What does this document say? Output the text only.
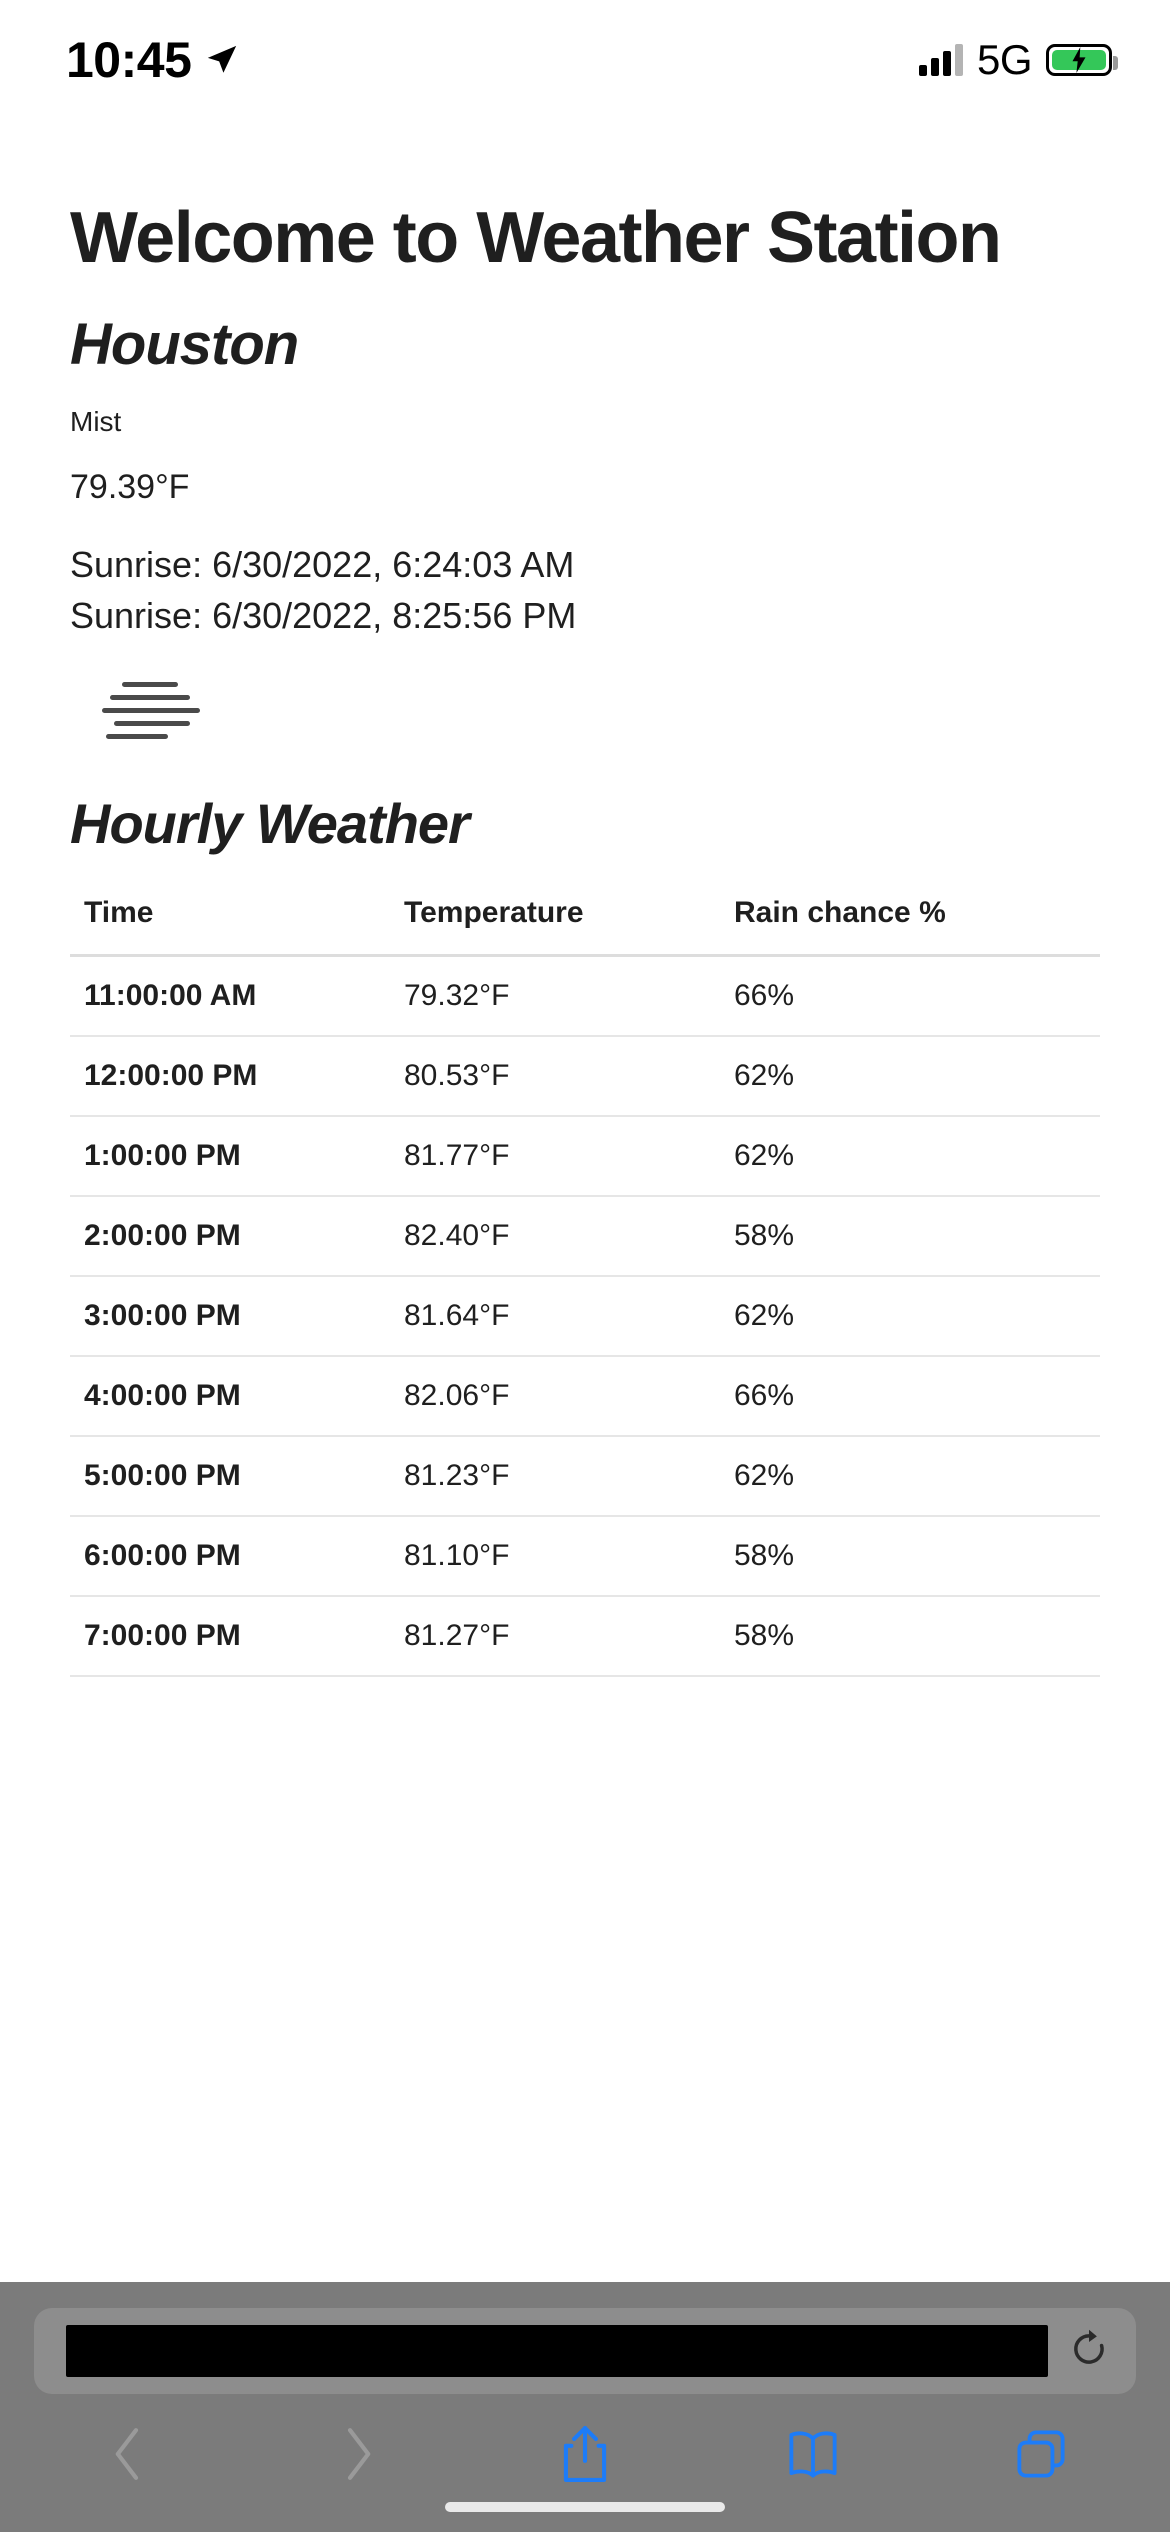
10:45	5G
Welcome to Weather Station
Houston
Mist
79.39°F
Sunrise: 6/30/2022, 6:24:03 AM
Sunrise: 6/30/2022, 8:25:56 PM
Hourly Weather
Time	Temperature	Rain chance %
11:00:00 AM	79.32°F	66%
12:00:00 PM	80.53°F	62%
1:00:00 PM	81.77°F	62%
2:00:00 PM	82.40°F	58%
3:00:00 PM	81.64°F	62%
4:00:00 PM	82.06°F	66%
5:00:00 PM	81.23°F	62%
6:00:00 PM	81.10°F	58%
7:00:00 PM	81.27°F	58%
